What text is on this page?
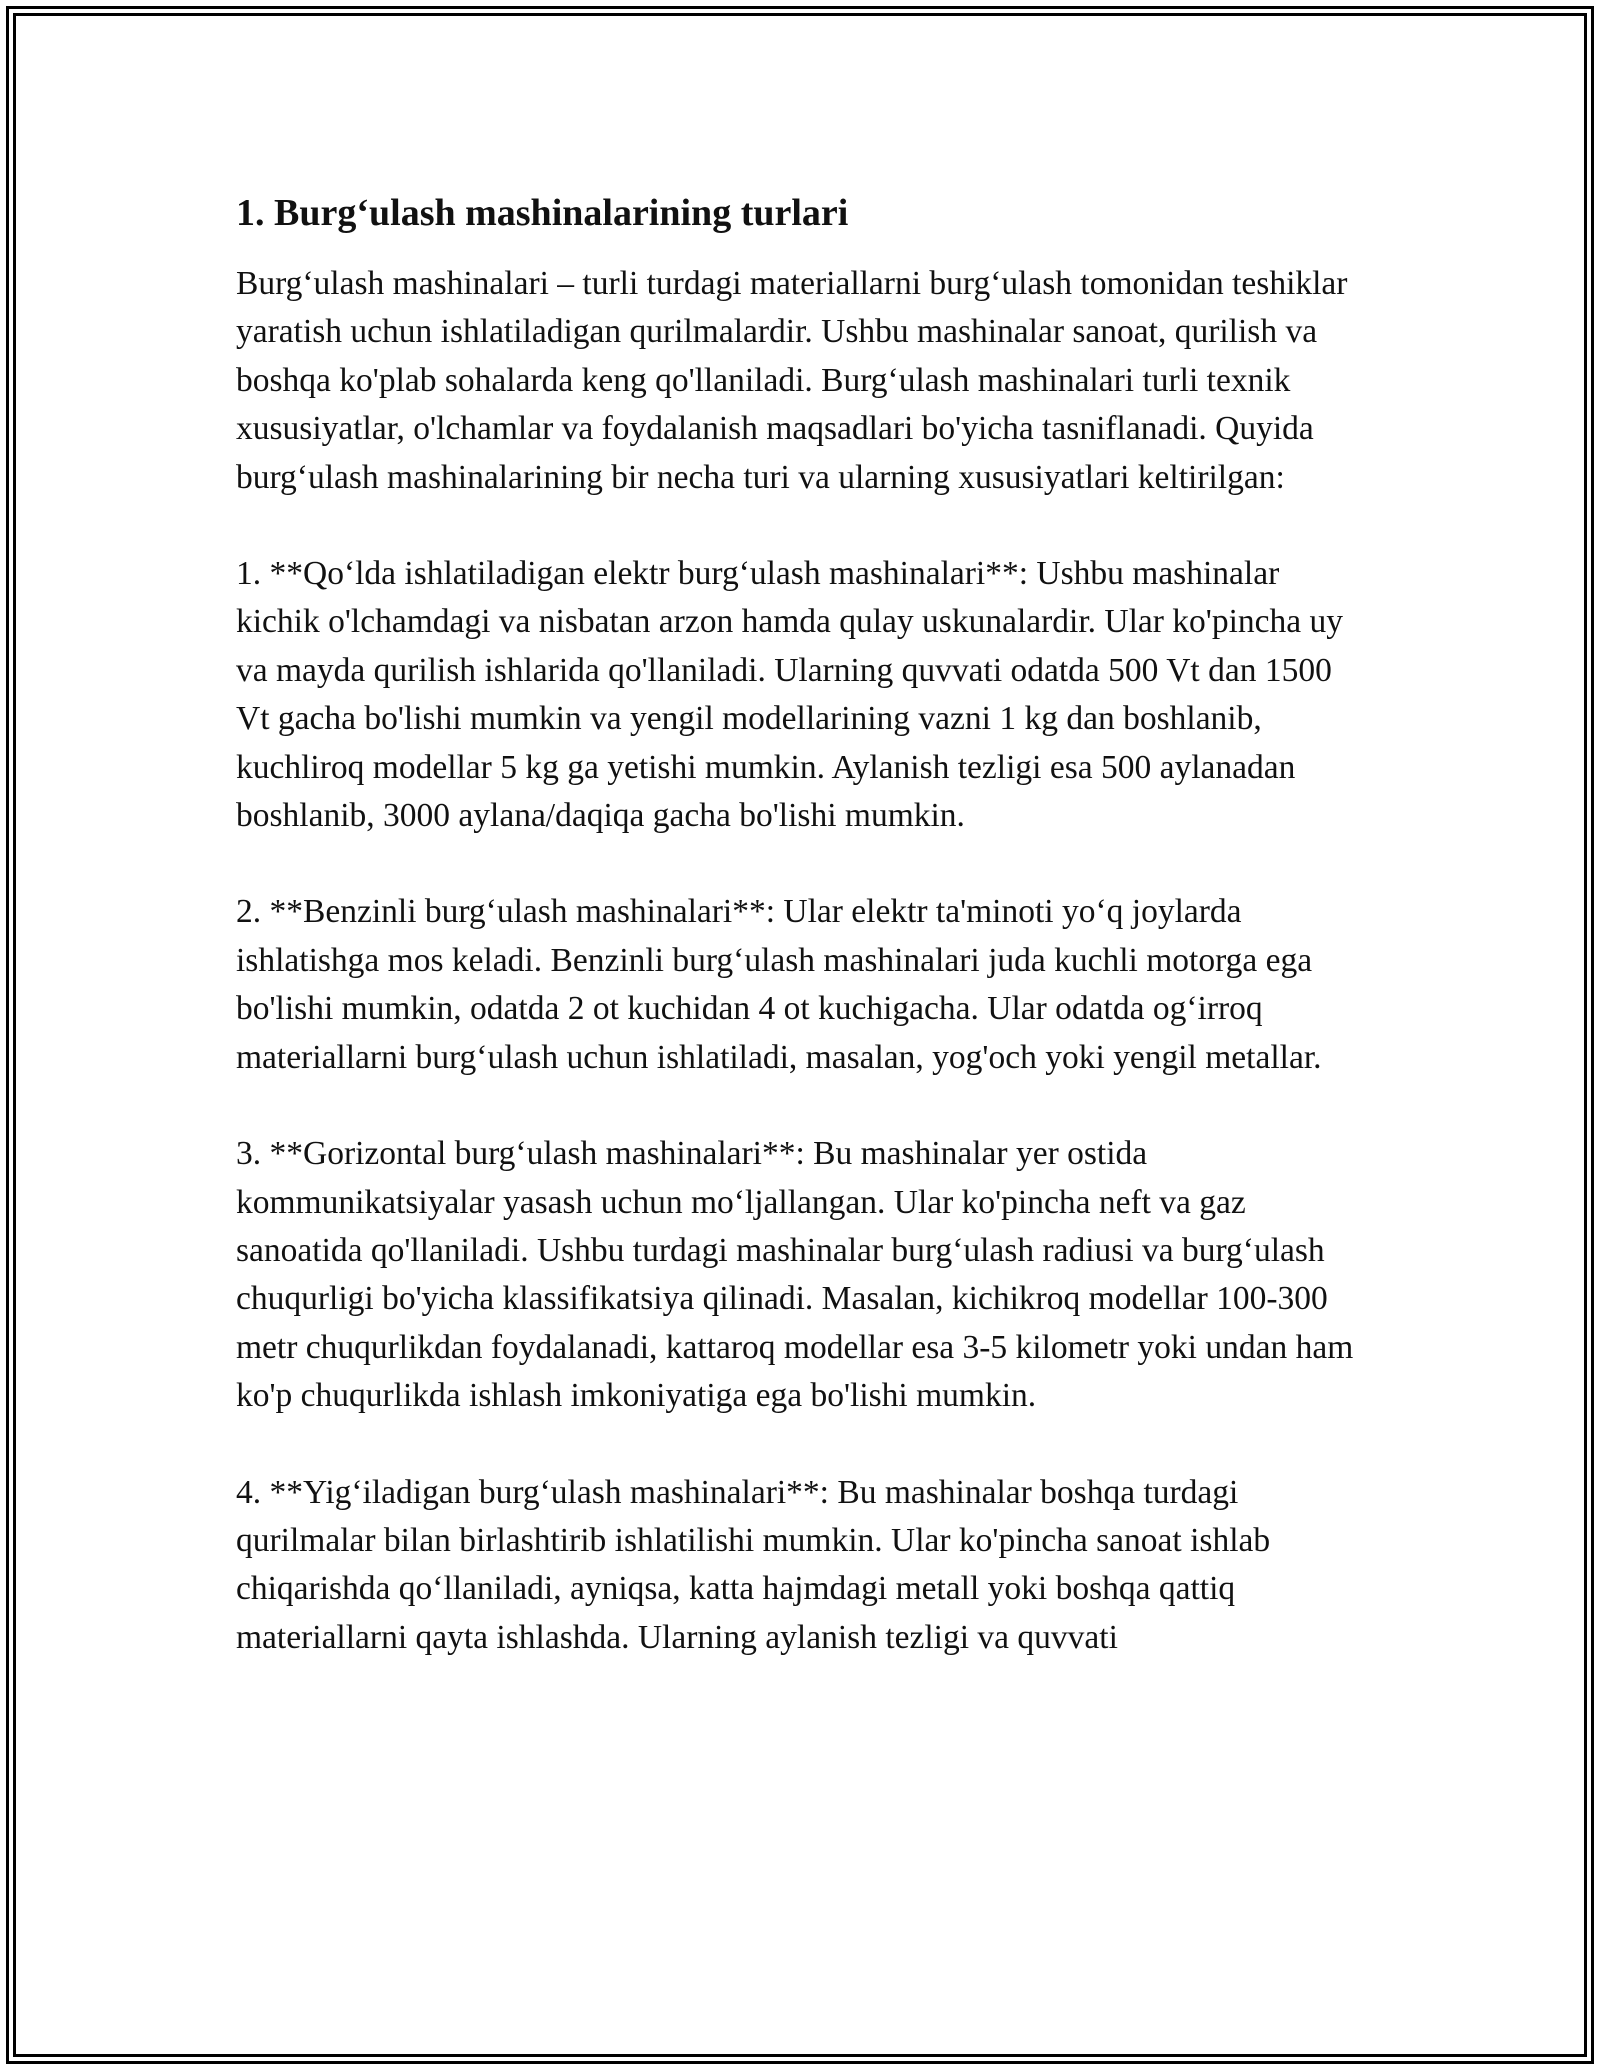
1. Burg‘ulash mashinalarining turlari

Burg‘ulash mashinalari – turli turdagi materiallarni burg‘ulash tomonidan teshiklar yaratish uchun ishlatiladigan qurilmalardir. Ushbu mashinalar sanoat, qurilish va boshqa ko'plab sohalarda keng qo'llaniladi. Burg‘ulash mashinalari turli texnik xususiyatlar, o'lchamlar va foydalanish maqsadlari bo'yicha tasniflanadi. Quyida burg‘ulash mashinalarining bir necha turi va ularning xususiyatlari keltirilgan:

1. **Qo‘lda ishlatiladigan elektr burg‘ulash mashinalari**: Ushbu mashinalar kichik o'lchamdagi va nisbatan arzon hamda qulay uskunalardir. Ular ko'pincha uy va mayda qurilish ishlarida qo'llaniladi. Ularning quvvati odatda 500 Vt dan 1500 Vt gacha bo'lishi mumkin va yengil modellarining vazni 1 kg dan boshlanib, kuchliroq modellar 5 kg ga yetishi mumkin. Aylanish tezligi esa 500 aylanadan boshlanib, 3000 aylana/daqiqa gacha bo'lishi mumkin.

2. **Benzinli burg‘ulash mashinalari**: Ular elektr ta'minoti yo‘q joylarda ishlatishga mos keladi. Benzinli burg‘ulash mashinalari juda kuchli motorga ega bo'lishi mumkin, odatda 2 ot kuchidan 4 ot kuchigacha. Ular odatda og‘irroq materiallarni burg‘ulash uchun ishlatiladi, masalan, yog'och yoki yengil metallar.

3. **Gorizontal burg‘ulash mashinalari**: Bu mashinalar yer ostida kommunikatsiyalar yasash uchun mo‘ljallangan. Ular ko'pincha neft va gaz sanoatida qo'llaniladi. Ushbu turdagi mashinalar burg‘ulash radiusi va burg‘ulash chuqurligi bo'yicha klassifikatsiya qilinadi. Masalan, kichikroq modellar 100-300 metr chuqurlikdan foydalanadi, kattaroq modellar esa 3-5 kilometr yoki undan ham ko'p chuqurlikda ishlash imkoniyatiga ega bo'lishi mumkin.

4. **Yig‘iladigan burg‘ulash mashinalari**: Bu mashinalar boshqa turdagi qurilmalar bilan birlashtirib ishlatilishi mumkin. Ular ko'pincha sanoat ishlab chiqarishda qo‘llaniladi, ayniqsa, katta hajmdagi metall yoki boshqa qattiq materiallarni qayta ishlashda. Ularning aylanish tezligi va quvvati
